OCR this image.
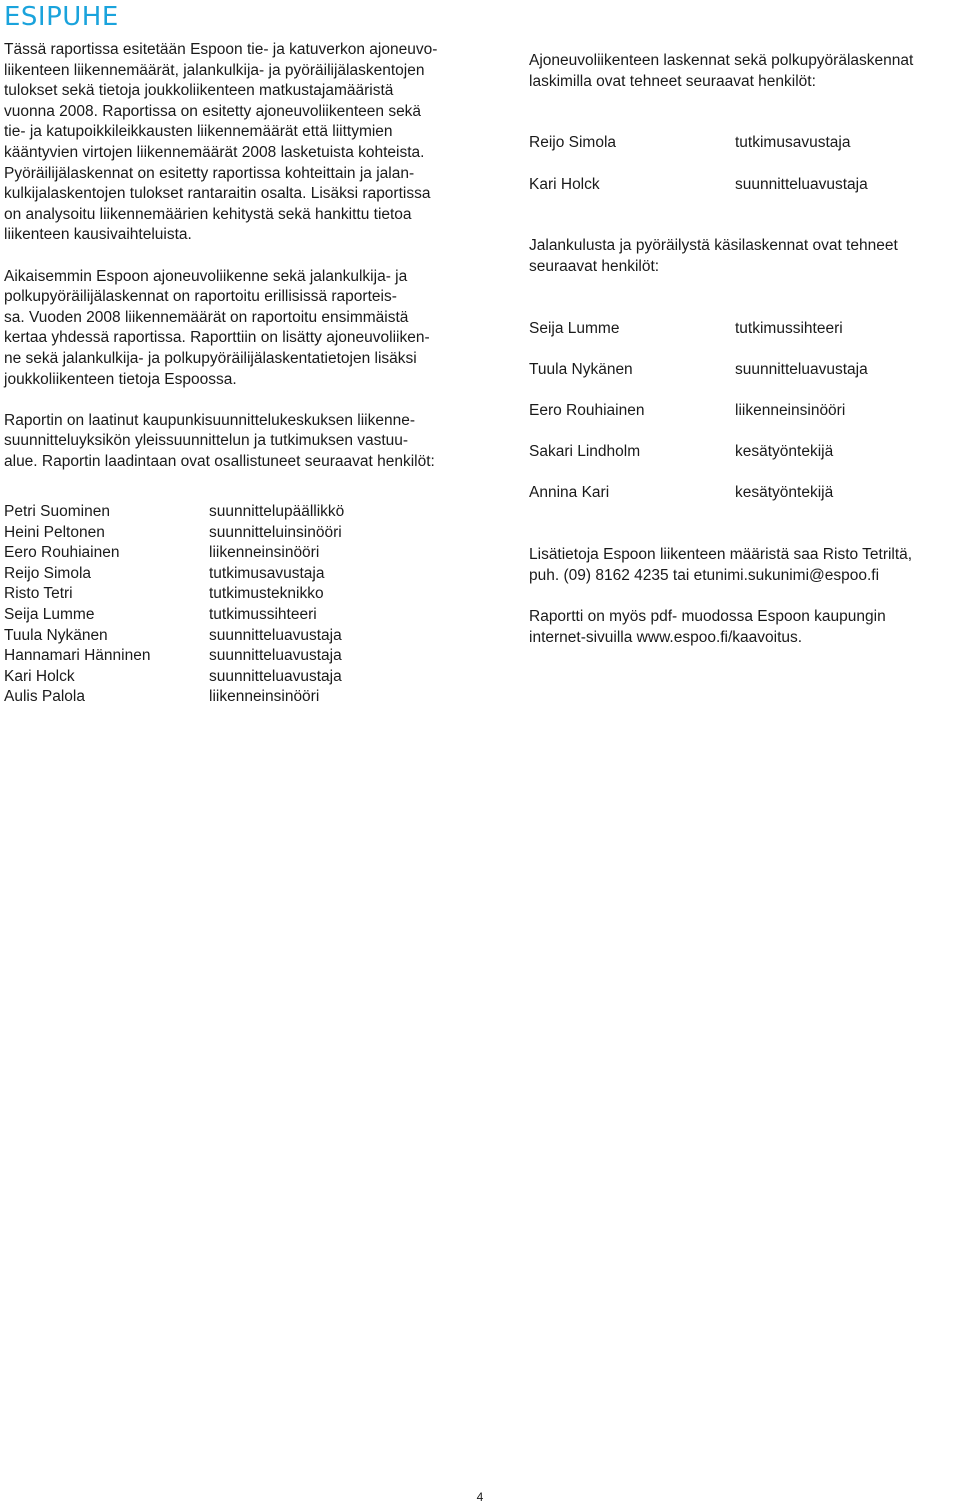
ESIPUHE

Tässä raportissa esitetään Espoon tie- ja katuverkon ajoneuvo-
liikenteen liikennemäärät, jalankulkija- ja pyöräilijälaskentojen
tulokset sekä tietoja joukkoliikenteen matkustajamääristä
vuonna 2008. Raportissa on esitetty ajoneuvoliikenteen sekä
tie- ja katupoikkileikkausten liikennemäärät että liittymien
kääntyvien virtojen liikennemäärät 2008 lasketuista kohteista.
Pyöräilijälaskennat on esitetty raportissa kohteittain ja jalan-
kulkijalaskentojen tulokset rantaraitin osalta. Lisäksi raportissa
on analysoitu liikennemäärien kehitystä sekä hankittu tietoa
liikenteen kausivaihteluista.

Aikaisemmin Espoon ajoneuvoliikenne sekä jalankulkija- ja
polkupyöräilijälaskennat on raportoitu erillisissä raporteis-
sa. Vuoden 2008 liikennemäärät on raportoitu ensimmäistä
kertaa yhdessä raportissa. Raporttiin on lisätty ajoneuvoliiken-
ne sekä jalankulkija- ja polkupyöräilijälaskentatietojen lisäksi
joukkoliikenteen tietoja Espoossa.

Raportin on laatinut kaupunkisuunnittelukeskuksen liikenne-
suunnitteluyksikön yleissuunnittelun ja tutkimuksen vastuu-
alue. Raportin laadintaan ovat osallistuneet seuraavat henkilöt:

Petri Suominen	suunnittelupäällikkö
Heini Peltonen	suunnitteluinsinööri
Eero Rouhiainen	liikenneinsinööri
Reijo Simola	tutkimusavustaja
Risto Tetri	tutkimusteknikko
Seija Lumme	tutkimussihteeri
Tuula Nykänen	suunnitteluavustaja
Hannamari Hänninen	suunnitteluavustaja
Kari Holck	suunnitteluavustaja
Aulis Palola	liikenneinsinööri

Ajoneuvoliikenteen laskennat sekä polkupyörälaskennat
laskimilla ovat tehneet seuraavat henkilöt:

Reijo Simola	tutkimusavustaja

Kari Holck	suunnitteluavustaja

Jalankulusta ja pyöräilystä käsilaskennat ovat tehneet
seuraavat henkilöt:

Seija Lumme	tutkimussihteeri

Tuula Nykänen	suunnitteluavustaja

Eero Rouhiainen	liikenneinsinööri

Sakari Lindholm	kesätyöntekijä

Annina Kari	kesätyöntekijä

Lisätietoja Espoon liikenteen määristä saa Risto Tetriltä,
puh. (09) 8162 4235 tai etunimi.sukunimi@espoo.fi

Raportti on myös pdf- muodossa Espoon kaupungin
internet-sivuilla www.espoo.fi/kaavoitus.

4
